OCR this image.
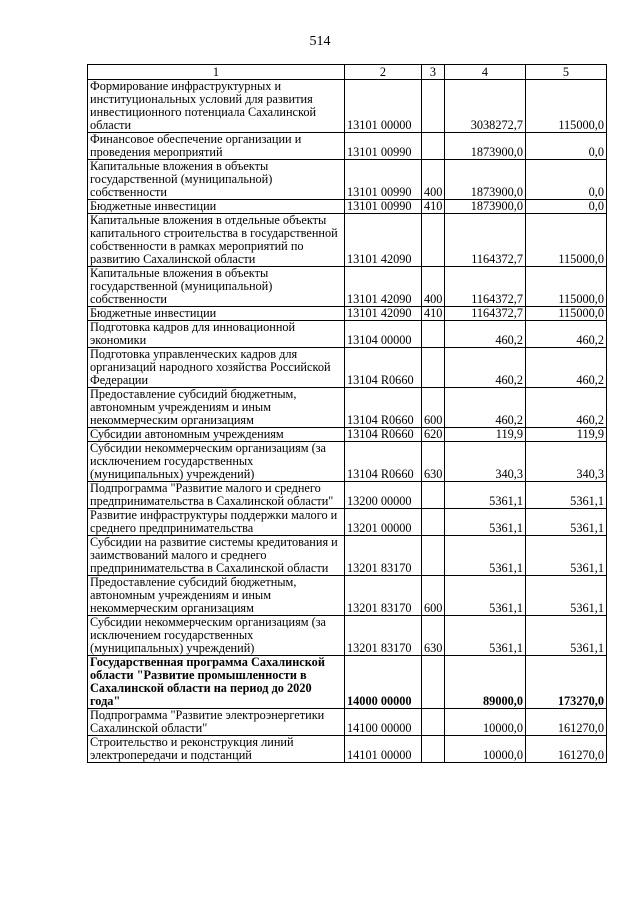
514
1	2	3	4	5
Формирование инфраструктурных и институциональных условий для развития инвестиционного потенциала Сахалинской области	13101 00000		3038272,7	115000,0
Финансовое обеспечение организации и проведения мероприятий	13101 00990		1873900,0	0,0
Капитальные вложения в объекты государственной (муниципальной) собственности	13101 00990	400	1873900,0	0,0
Бюджетные инвестиции	13101 00990	410	1873900,0	0,0
Капитальные вложения в отдельные объекты капитального строительства в государственной собственности в рамках мероприятий по развитию Сахалинской области	13101 42090		1164372,7	115000,0
Капитальные вложения в объекты государственной (муниципальной) собственности	13101 42090	400	1164372,7	115000,0
Бюджетные инвестиции	13101 42090	410	1164372,7	115000,0
Подготовка кадров для инновационной экономики	13104 00000		460,2	460,2
Подготовка управленческих кадров для организаций народного хозяйства Российской Федерации	13104 R0660		460,2	460,2
Предоставление субсидий бюджетным, автономным учреждениям и иным некоммерческим организациям	13104 R0660	600	460,2	460,2
Субсидии автономным учреждениям	13104 R0660	620	119,9	119,9
Субсидии некоммерческим организациям (за исключением государственных (муниципальных) учреждений)	13104 R0660	630	340,3	340,3
Подпрограмма "Развитие малого и среднего предпринимательства в Сахалинской области"	13200 00000		5361,1	5361,1
Развитие инфраструктуры поддержки малого и среднего предпринимательства	13201 00000		5361,1	5361,1
Субсидии на развитие системы кредитования и заимствований малого и среднего предпринимательства в Сахалинской области	13201 83170		5361,1	5361,1
Предоставление субсидий бюджетным, автономным учреждениям и иным некоммерческим организациям	13201 83170	600	5361,1	5361,1
Субсидии некоммерческим организациям (за исключением государственных (муниципальных) учреждений)	13201 83170	630	5361,1	5361,1
Государственная программа Сахалинской области "Развитие промышленности в Сахалинской области на период до 2020 года"	14000 00000		89000,0	173270,0
Подпрограмма "Развитие электроэнергетики Сахалинской области"	14100 00000		10000,0	161270,0
Строительство и реконструкция линий электропередачи и подстанций	14101 00000		10000,0	161270,0
